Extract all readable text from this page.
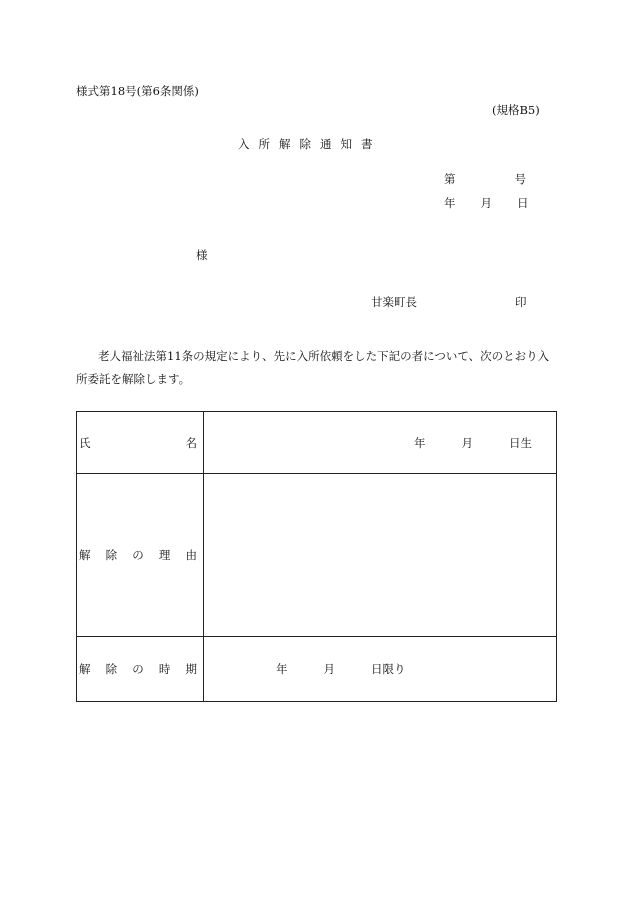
様式第18号(第6条関係)
(規格B5)
入所解除通知書
第	号
年 月 日
様
甘楽町長	印
老人福祉法第11条の規定により、先に入所依頼をした下記の者について、次のとおり入所委託を解除します。
氏 名	年 月 日生

解 除 の 理 由	

解 除 の 時 期	年 月 日限り
